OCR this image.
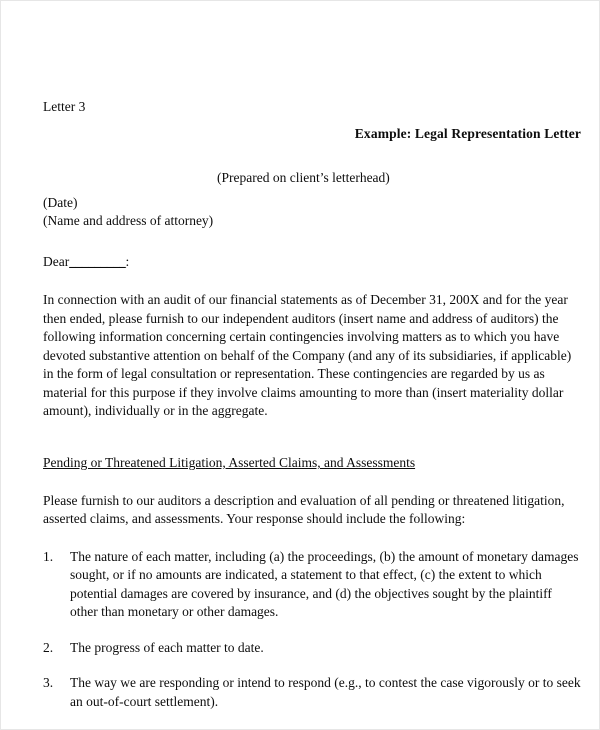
Letter 3
Example: Legal Representation Letter
(Prepared on client’s letterhead)
(Date)
(Name and address of attorney)
Dear_________:

In connection with an audit of our financial statements as of December 31, 200X and for the year then ended, please furnish to our independent auditors (insert name and address of auditors) the following information concerning certain contingencies involving matters as to which you have devoted substantive attention on behalf of the Company (and any of its subsidiaries, if applicable) in the form of legal consultation or representation. These contingencies are regarded by us as material for this purpose if they involve claims amounting to more than (insert materiality dollar amount), individually or in the aggregate.

Pending or Threatened Litigation, Asserted Claims, and Assessments

Please furnish to our auditors a description and evaluation of all pending or threatened litigation, asserted claims, and assessments. Your response should include the following:

1.	The nature of each matter, including (a) the proceedings, (b) the amount of monetary damages sought, or if no amounts are indicated, a statement to that effect, (c) the extent to which potential damages are covered by insurance, and (d) the objectives sought by the plaintiff other than monetary or other damages.
2.	The progress of each matter to date.
3.	The way we are responding or intend to respond (e.g., to contest the case vigorously or to seek an out-of-court settlement).
